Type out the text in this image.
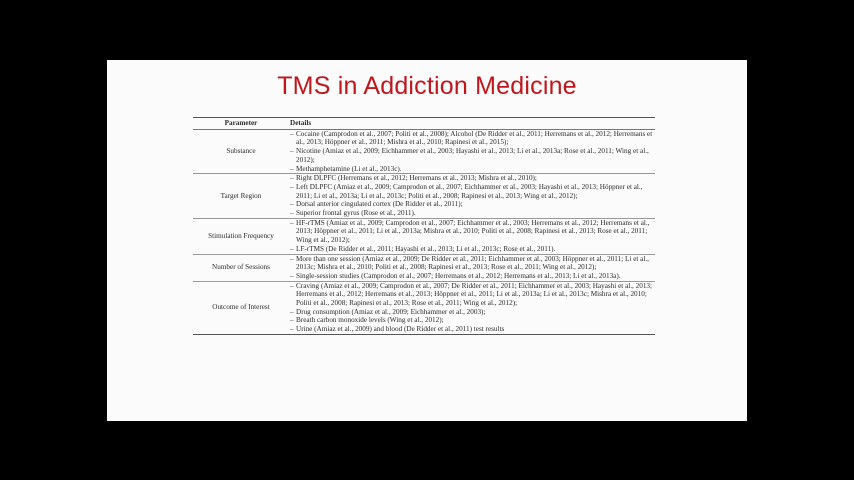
TMS in Addiction Medicine
Parameter	Details
Substance
– Cocaine (Camprodon et al., 2007; Politi et al., 2008); Alcohol (De Ridder et al., 2011; Herremans et al., 2012; Herremans et al., 2013; Höppner et al., 2011; Mishra et al., 2010; Rapinesi et al., 2015);
– Nicotine (Amiaz et al., 2009; Eichhammer et al., 2003; Hayashi et al., 2013; Li et al., 2013a; Rose et al., 2011; Wing et al., 2012);
– Methamphetamine (Li et al., 2013c).
Target Region
– Right DLPFC (Herremans et al., 2012; Herremans et al., 2013; Mishra et al., 2010);
– Left DLPFC (Amiaz et al., 2009; Camprodon et al., 2007; Eichhammer et al., 2003; Hayashi et al., 2013; Höppner et al., 2011; Li et al., 2013a; Li et al., 2013c; Politi et al., 2008; Rapinesi et al., 2013; Wing et al., 2012);
– Dorsal anterior cingulated cortex (De Ridder et al., 2011);
– Superior frontal gyrus (Rose et al., 2011).
Stimulation Frequency
– HF-rTMS (Amiaz et al., 2009; Camprodon et al., 2007; Eichhammer et al., 2003; Herremans et al., 2012; Herremans et al., 2013; Höppner et al., 2011; Li et al., 2013a; Mishra et al., 2010; Politi et al., 2008; Rapinesi et al., 2013; Rose et al., 2011; Wing et al., 2012);
– LF-rTMS (De Ridder et al., 2011; Hayashi et al., 2013; Li et al., 2013c; Rose et al., 2011).
Number of Sessions
– More than one session (Amiaz et al., 2009; De Ridder et al., 2011; Eichhammer et al., 2003; Höppner et al., 2011; Li et al., 2013c; Mishra et al., 2010; Politi et al., 2008; Rapinesi et al., 2013; Rose et al., 2011; Wing et al., 2012);
– Single-session studies (Camprodon et al., 2007; Herremans et al., 2012; Herremans et al., 2013; Li et al., 2013a).
Outcome of Interest
– Craving (Amiaz et al., 2009; Camprodon et al., 2007; De Ridder et al., 2011; Eichhammer et al., 2003; Hayashi et al., 2013; Herremans et al., 2012; Herremans et al., 2013; Höppner et al., 2011; Li et al., 2013a; Li et al., 2013c; Mishra et al., 2010; Politi et al., 2008; Rapinesi et al., 2013; Rose et al., 2011; Wing et al., 2012);
– Drug consumption (Amiaz et al., 2009; Eichhammer et al., 2003);
– Breath carbon monoxide levels (Wing et al., 2012);
– Urine (Amiaz et al., 2009) and blood (De Ridder et al., 2011) test results
